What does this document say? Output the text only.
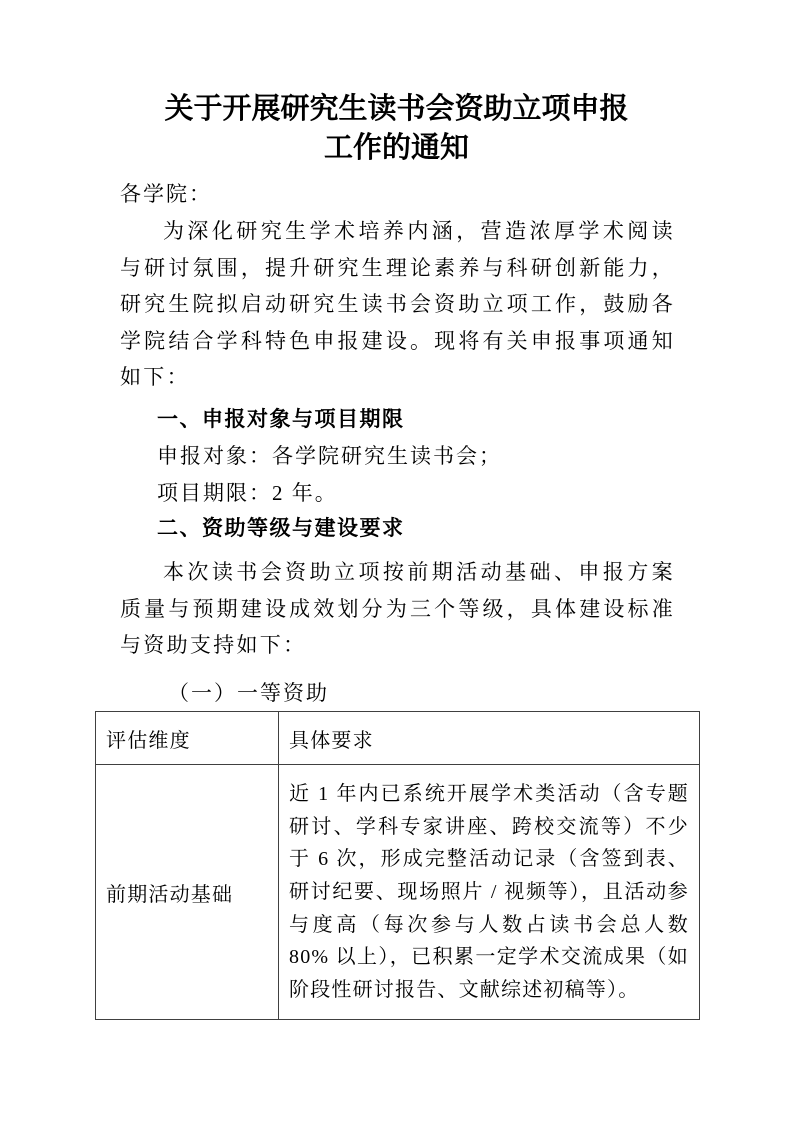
关于开展研究生读书会资助立项申报
工作的通知

各学院：

为深化研究生学术培养内涵，营造浓厚学术阅读与研讨氛围，提升研究生理论素养与科研创新能力，研究生院拟启动研究生读书会资助立项工作，鼓励各学院结合学科特色申报建设。现将有关申报事项通知如下：

一、申报对象与项目期限

申报对象：各学院研究生读书会；

项目期限：2 年。

二、资助等级与建设要求

本次读书会资助立项按前期活动基础、申报方案质量与预期建设成效划分为三个等级，具体建设标准与资助支持如下：

（一）一等资助

评估维度	具体要求
前期活动基础	近 1 年内已系统开展学术类活动（含专题研讨、学科专家讲座、跨校交流等）不少于 6 次，形成完整活动记录（含签到表、研讨纪要、现场照片 / 视频等），且活动参与度高（每次参与人数占读书会总人数 80% 以上），已积累一定学术交流成果（如阶段性研讨报告、文献综述初稿等）。
